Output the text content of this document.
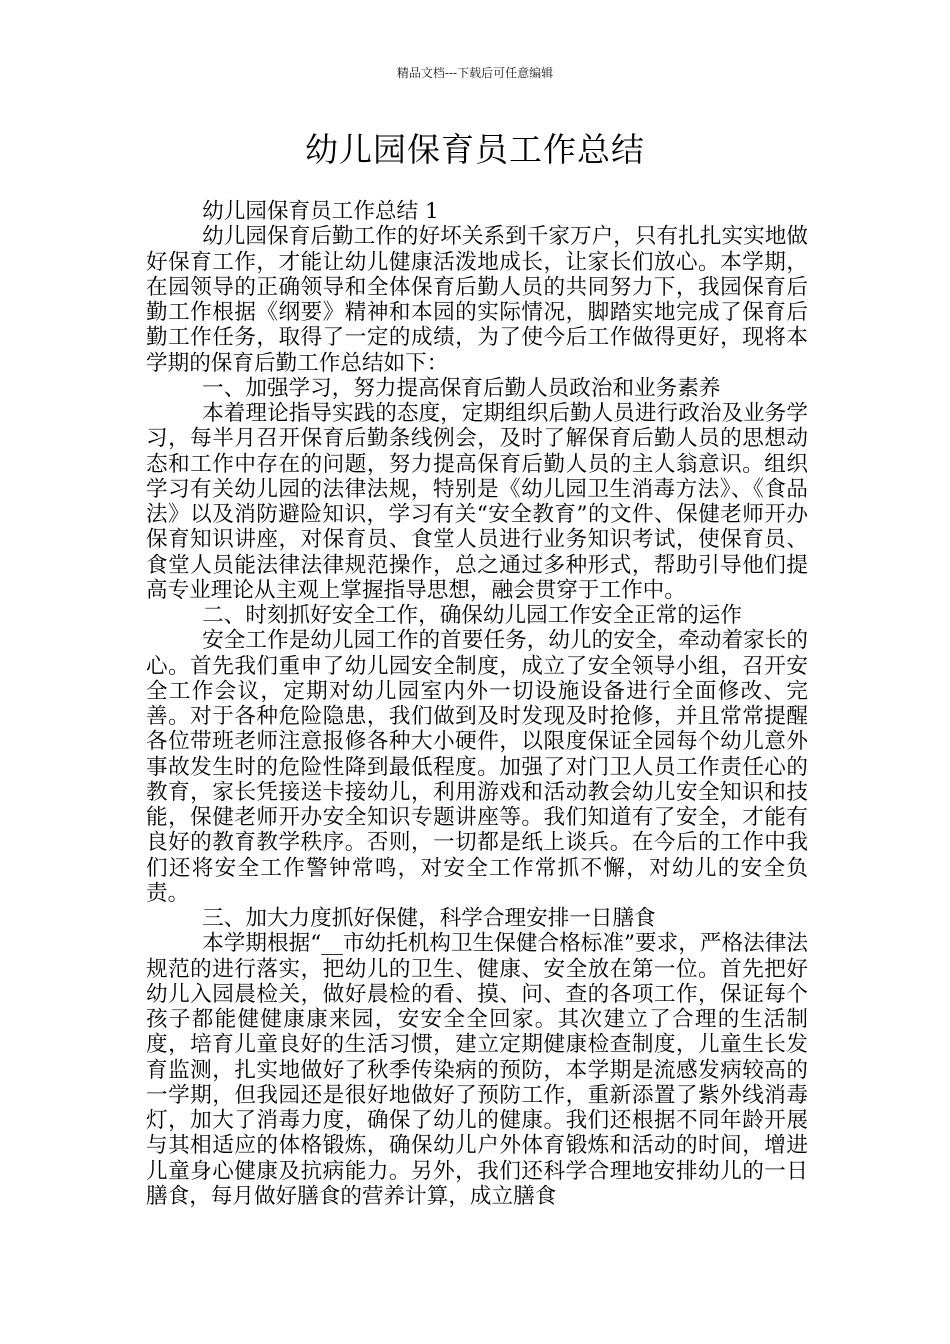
精品文档---下载后可任意编辑

幼儿园保育员工作总结

幼儿园保育员工作总结 1

幼儿园保育后勤工作的好坏关系到千家万户，只有扎扎实实地做好保育工作，才能让幼儿健康活泼地成长，让家长们放心。本学期，在园领导的正确领导和全体保育后勤人员的共同努力下，我园保育后勤工作根据《纲要》精神和本园的实际情况，脚踏实地完成了保育后勤工作任务，取得了一定的成绩，为了使今后工作做得更好，现将本学期的保育后勤工作总结如下：

一、加强学习，努力提高保育后勤人员政治和业务素养

本着理论指导实践的态度，定期组织后勤人员进行政治及业务学习，每半月召开保育后勤条线例会，及时了解保育后勤人员的思想动态和工作中存在的问题，努力提高保育后勤人员的主人翁意识。组织学习有关幼儿园的法律法规，特别是《幼儿园卫生消毒方法》、《食品法》以及消防避险知识，学习有关“安全教育”的文件、保健老师开办保育知识讲座，对保育员、食堂人员进行业务知识考试，使保育员、食堂人员能法律法律规范操作，总之通过多种形式，帮助引导他们提高专业理论从主观上掌握指导思想，融会贯穿于工作中。

二、时刻抓好安全工作，确保幼儿园工作安全正常的运作

安全工作是幼儿园工作的首要任务，幼儿的安全，牵动着家长的心。首先我们重申了幼儿园安全制度，成立了安全领导小组，召开安全工作会议，定期对幼儿园室内外一切设施设备进行全面修改、完善。对于各种危险隐患，我们做到及时发现及时抢修，并且常常提醒各位带班老师注意报修各种大小硬件，以限度保证全园每个幼儿意外事故发生时的危险性降到最低程度。加强了对门卫人员工作责任心的教育，家长凭接送卡接幼儿，利用游戏和活动教会幼儿安全知识和技能，保健老师开办安全知识专题讲座等。我们知道有了安全，才能有良好的教育教学秩序。否则，一切都是纸上谈兵。在今后的工作中我们还将安全工作警钟常鸣，对安全工作常抓不懈，对幼儿的安全负责。

三、加大力度抓好保健，科学合理安排一日膳食

本学期根据“__市幼托机构卫生保健合格标准”要求，严格法律法规范的进行落实，把幼儿的卫生、健康、安全放在第一位。首先把好幼儿入园晨检关，做好晨检的看、摸、问、查的各项工作，保证每个孩子都能健健康康来园，安安全全回家。其次建立了合理的生活制度，培育儿童良好的生活习惯，建立定期健康检查制度，儿童生长发育监测，扎实地做好了秋季传染病的预防，本学期是流感发病较高的一学期，但我园还是很好地做好了预防工作，重新添置了紫外线消毒灯，加大了消毒力度，确保了幼儿的健康。我们还根据不同年龄开展与其相适应的体格锻炼，确保幼儿户外体育锻炼和活动的时间，增进儿童身心健康及抗病能力。另外，我们还科学合理地安排幼儿的一日膳食，每月做好膳食的营养计算，成立膳食
